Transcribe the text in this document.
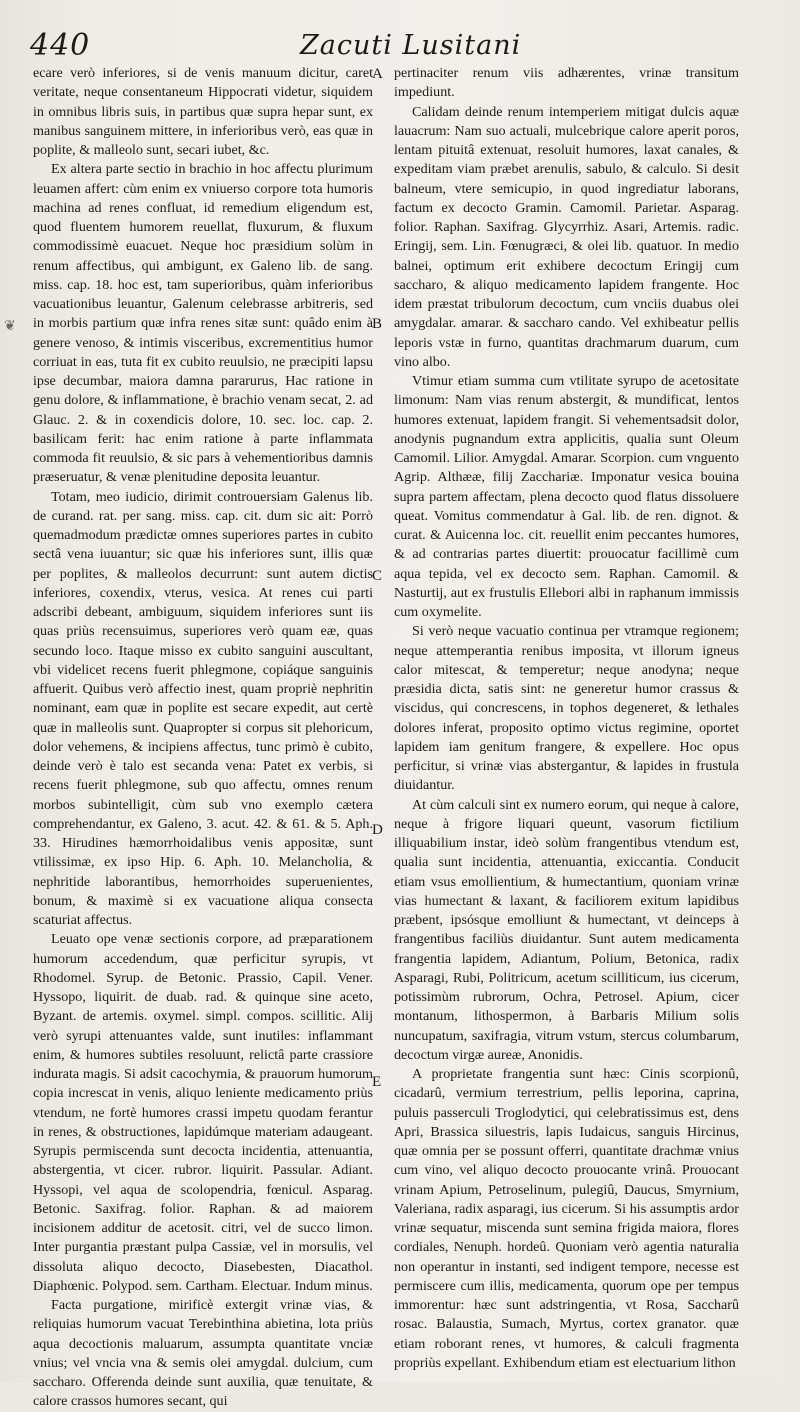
440	Zacuti Lusitani
❦

ecare verò inferiores, si de venis manuum dicitur, caret veritate, neque consentaneum Hippocrati videtur, siquidem in omnibus libris suis, in partibus quæ supra hepar sunt, ex manibus sanguinem mittere, in inferioribus verò, eas quæ in poplite, & malleolo sunt, secari iubet, &c.

Ex altera parte sectio in brachio in hoc affectu plurimum leuamen affert: cùm enim ex vniuerso corpore tota humoris machina ad renes confluat, id remedium eligendum est, quod fluentem humorem reuellat, fluxurum, & fluxum commodissimè euacuet. Neque hoc præsidium solùm in renum affectibus, qui ambigunt, ex Galeno lib. de sang. miss. cap. 18. hoc est, tam superioribus, quàm inferioribus vacuationibus leuantur, Galenum celebrasse arbitreris, sed in morbis partium quæ infra renes sitæ sunt: quâdo enim à genere venoso, & intimis visceribus, excrementitius humor corriuat in eas, tuta fit ex cubito reuulsio, ne præcipiti lapsu ipse decumbar, maiora damna pararurus, Hac ratione in genu dolore, & inflammatione, è brachio venam secat, 2. ad Glauc. 2. & in coxendicis dolore, 10. sec. loc. cap. 2. basilicam ferit: hac enim ratione à parte inflammata commoda fit reuulsio, & sic pars à vehementioribus damnis præseruatur, & venæ plenitudine deposita leuantur.

Totam, meo iudicio, dirimit controuersiam Galenus lib. de curand. rat. per sang. miss. cap. cit. dum sic ait: Porrò quemadmodum prædictæ omnes superiores partes in cubito sectâ vena iuuantur; sic quæ his inferiores sunt, illis quæ per poplites, & malleolos decurrunt: sunt autem dictis inferiores, coxendix, vterus, vesica. At renes cui parti adscribi debeant, ambiguum, siquidem inferiores sunt iis quas priùs recensuimus, superiores verò quam eæ, quas secundo loco. Itaque misso ex cubito sanguini auscultant, vbi videlicet recens fuerit phlegmone, copiáque sanguinis affuerit. Quibus verò affectio inest, quam propriè nephritin nominant, eam quæ in poplite est secare expedit, aut certè quæ in malleolis sunt. Quapropter si corpus sit plehoricum, dolor vehemens, & incipiens affectus, tunc primò è cubito, deinde verò è talo est secanda vena: Patet ex verbis, si recens fuerit phlegmone, sub quo affectu, omnes renum morbos subintelligit, cùm sub vno exemplo cætera comprehendantur, ex Galeno, 3. acut. 42. & 61. & 5. Aph. 33. Hirudines hæmorrhoidalibus venis appositæ, sunt vtilissimæ, ex ipso Hip. 6. Aph. 10. Melancholia, & nephritide laborantibus, hemorrhoides superuenientes, bonum, & maximè si ex vacuatione aliqua consecta scaturiat affectus.

Leuato ope venæ sectionis corpore, ad præparationem humorum accedendum, quæ perficitur syrupis, vt Rhodomel. Syrup. de Betonic. Prassio, Capil. Vener. Hyssopo, liquirit. de duab. rad. & quinque sine aceto, Byzant. de artemis. oxymel. simpl. compos. scillitic. Alij verò syrupi attenuantes valde, sunt inutiles: inflammant enim, & humores subtiles resoluunt, relictâ parte crassiore indurata magis. Si adsit cacochymia, & prauorum humorum copia increscat in venis, aliquo leniente medicamento priùs vtendum, ne fortè humores crassi impetu quodam ferantur in renes, & obstructiones, lapidúmque materiam adaugeant. Syrupis permiscenda sunt decocta incidentia, attenuantia, abstergentia, vt cicer. rubror. liquirit. Passular. Adiant. Hyssopi, vel aqua de scolopendria, fœnicul. Asparag. Betonic. Saxifrag. folior. Raphan. & ad maiorem incisionem additur de acetosit. citri, vel de succo limon. Inter purgantia præstant pulpa Cassiæ, vel in morsulis, vel dissoluta aliquo decocto, Diasebesten, Diacathol. Diaphœnic. Polypod. sem. Cartham. Electuar. Indum minus.

Facta purgatione, mirificè extergit vrinæ vias, & reliquias humorum vacuat Terebinthina abietina, lota priùs aqua decoctionis maluarum, assumpta quantitate vnciæ vnius; vel vncia vna & semis olei amygdal. dulcium, cum saccharo. Offerenda deinde sunt auxilia, quæ tenuitate, & calore crassos humores secant, qui

A
B
C
D
E

pertinaciter renum viis adhærentes, vrinæ transitum impediunt.

Calidam deinde renum intemperiem mitigat dulcis aquæ lauacrum: Nam suo actuali, mulcebrique calore aperit poros, lentam pituitâ extenuat, resoluit humores, laxat canales, & expeditam viam præbet arenulis, sabulo, & calculo. Si desit balneum, vtere semicupio, in quod ingrediatur laborans, factum ex decocto Gramin. Camomil. Parietar. Asparag. folior. Raphan. Saxifrag. Glycyrrhiz. Asari, Artemis. radic. Eringij, sem. Lin. Fœnugræci, & olei lib. quatuor. In medio balnei, optimum erit exhibere decoctum Eringij cum saccharo, & aliquo medicamento lapidem frangente. Hoc idem præstat tribulorum decoctum, cum vnciis duabus olei amygdalar. amarar. & saccharo cando. Vel exhibeatur pellis leporis vstæ in furno, quantitas drachmarum duarum, cum vino albo.

Vtimur etiam summa cum vtilitate syrupo de acetositate limonum: Nam vias renum abstergit, & mundificat, lentos humores extenuat, lapidem frangit. Si vehementsadsit dolor, anodynis pugnandum extra applicitis, qualia sunt Oleum Camomil. Lilior. Amygdal. Amarar. Scorpion. cum vnguento Agrip. Althææ, filij Zacchariæ. Imponatur vesica bouina supra partem affectam, plena decocto quod flatus dissoluere queat. Vomitus commendatur à Gal. lib. de ren. dignot. & curat. & Auicenna loc. cit. reuellit enim peccantes humores, & ad contrarias partes diuertit: prouocatur facillimè cum aqua tepida, vel ex decocto sem. Raphan. Camomil. & Nasturtij, aut ex frustulis Ellebori albi in raphanum immissis cum oxymelite.

Si verò neque vacuatio continua per vtramque regionem; neque attemperantia renibus imposita, vt illorum igneus calor mitescat, & temperetur; neque anodyna; neque præsidia dicta, satis sint: ne generetur humor crassus & viscidus, qui concrescens, in tophos degeneret, & lethales dolores inferat, proposito optimo victus regimine, oportet lapidem iam genitum frangere, & expellere. Hoc opus perficitur, si vrinæ vias abstergantur, & lapides in frustula diuidantur.

At cùm calculi sint ex numero eorum, qui neque à calore, neque à frigore liquari queunt, vasorum fictilium illiquabilium instar, ideò solùm frangentibus vtendum est, qualia sunt incidentia, attenuantia, exiccantia. Conducit etiam vsus emollientium, & humectantium, quoniam vrinæ vias humectant & laxant, & faciliorem exitum lapidibus præbent, ipsósque emolliunt & humectant, vt deinceps à frangentibus faciliùs diuidantur. Sunt autem medicamenta frangentia lapidem, Adiantum, Polium, Betonica, radix Asparagi, Rubi, Politricum, acetum scilliticum, ius cicerum, potissimùm rubrorum, Ochra, Petrosel. Apium, cicer montanum, lithospermon, à Barbaris Milium solis nuncupatum, saxifragia, vitrum vstum, stercus columbarum, decoctum virgæ aureæ, Anonidis.

A proprietate frangentia sunt hæc: Cinis scorpionû, cicadarû, vermium terrestrium, pellis leporina, caprina, puluis passerculi Troglodytici, qui celebratissimus est, dens Apri, Brassica siluestris, lapis Iudaicus, sanguis Hircinus, quæ omnia per se possunt offerri, quantitate drachmæ vnius cum vino, vel aliquo decocto prouocante vrinâ. Prouocant vrinam Apium, Petroselinum, pulegiû, Daucus, Smyrnium, Valeriana, radix asparagi, ius cicerum. Si his assumptis ardor vrinæ sequatur, miscenda sunt semina frigida maiora, flores cordiales, Nenuph. hordeû. Quoniam verò agentia naturalia non operantur in instanti, sed indigent tempore, necesse est permiscere cum illis, medicamenta, quorum ope per tempus immorentur: hæc sunt adstringentia, vt Rosa, Saccharû rosac. Balaustia, Sumach, Myrtus, cortex granator. quæ etiam roborant renes, vt humores, & calculi fragmenta propriùs expellant. Exhibendum etiam est electuarium lithon
